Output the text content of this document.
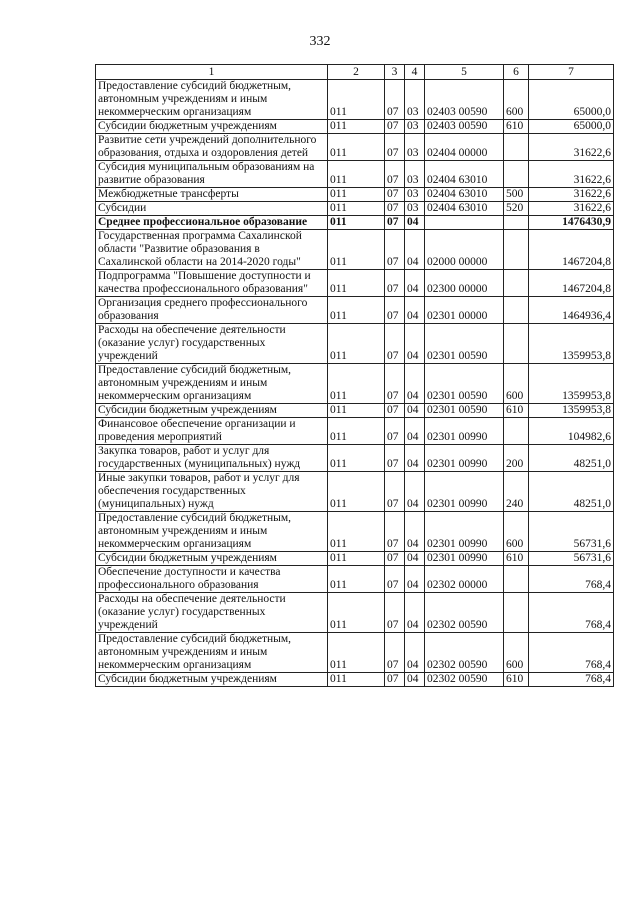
332
1	2	3	4	5	6	7
Предоставление субсидий бюджетным, автономным учреждениям и иным некоммерческим организациям	011	07	03	02403 00590	600	65000,0
Субсидии бюджетным учреждениям	011	07	03	02403 00590	610	65000,0
Развитие сети учреждений дополнительного образования, отдыха и оздоровления детей	011	07	03	02404 00000		31622,6
Субсидия муниципальным образованиям на развитие образования	011	07	03	02404 63010		31622,6
Межбюджетные трансферты	011	07	03	02404 63010	500	31622,6
Субсидии	011	07	03	02404 63010	520	31622,6
Среднее профессиональное образование	011	07	04			1476430,9
Государственная программа Сахалинской области "Развитие образования в Сахалинской области на 2014-2020 годы"	011	07	04	02000 00000		1467204,8
Подпрограмма "Повышение доступности и качества профессионального образования"	011	07	04	02300 00000		1467204,8
Организация среднего профессионального образования	011	07	04	02301 00000		1464936,4
Расходы на обеспечение деятельности (оказание услуг) государственных учреждений	011	07	04	02301 00590		1359953,8
Предоставление субсидий бюджетным, автономным учреждениям и иным некоммерческим организациям	011	07	04	02301 00590	600	1359953,8
Субсидии бюджетным учреждениям	011	07	04	02301 00590	610	1359953,8
Финансовое обеспечение организации и проведения мероприятий	011	07	04	02301 00990		104982,6
Закупка товаров, работ и услуг для государственных (муниципальных) нужд	011	07	04	02301 00990	200	48251,0
Иные закупки товаров, работ и услуг для обеспечения государственных (муниципальных) нужд	011	07	04	02301 00990	240	48251,0
Предоставление субсидий бюджетным, автономным учреждениям и иным некоммерческим организациям	011	07	04	02301 00990	600	56731,6
Субсидии бюджетным учреждениям	011	07	04	02301 00990	610	56731,6
Обеспечение доступности и качества профессионального образования	011	07	04	02302 00000		768,4
Расходы на обеспечение деятельности (оказание услуг) государственных учреждений	011	07	04	02302 00590		768,4
Предоставление субсидий бюджетным, автономным учреждениям и иным некоммерческим организациям	011	07	04	02302 00590	600	768,4
Субсидии бюджетным учреждениям	011	07	04	02302 00590	610	768,4
